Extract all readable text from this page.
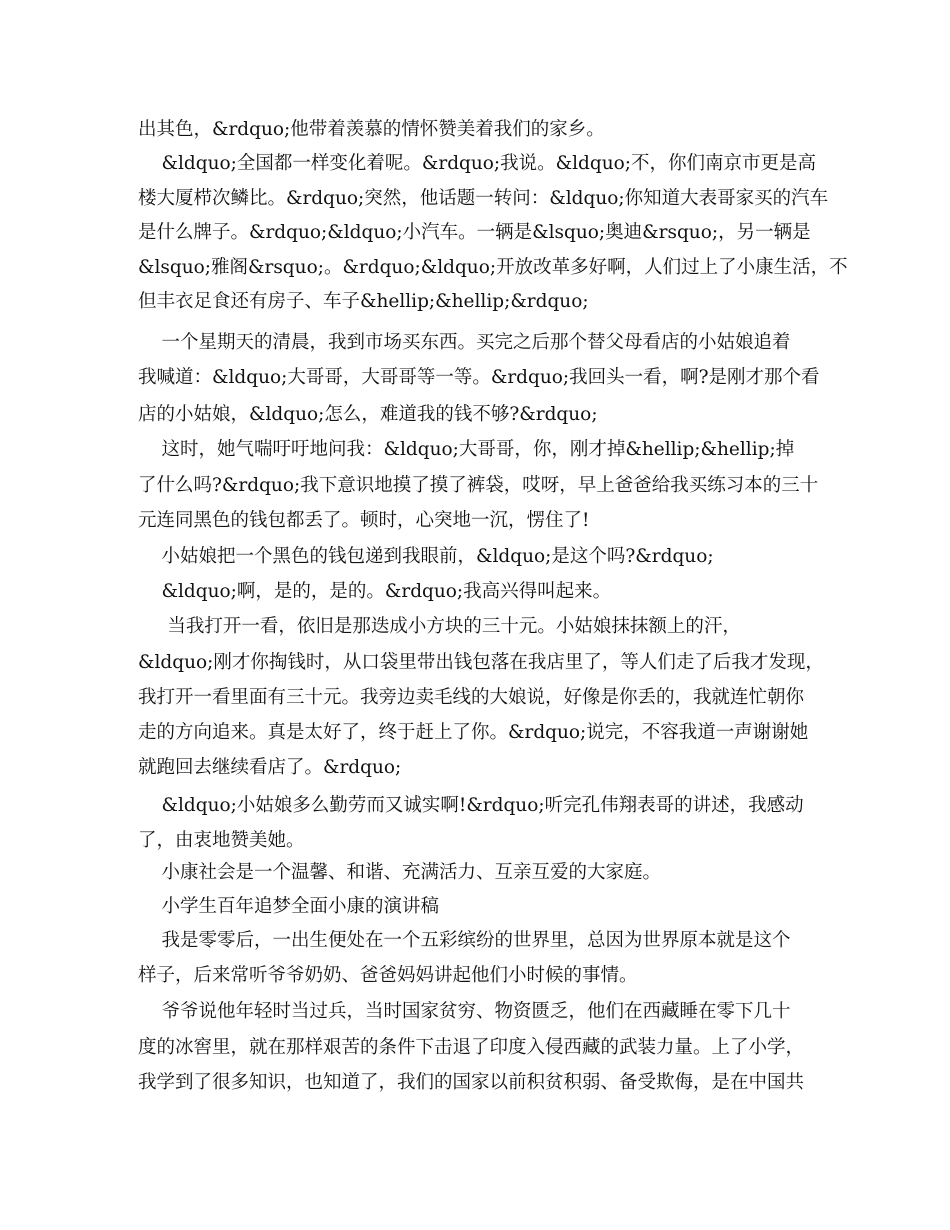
出其色，&rdquo;他带着羡慕的情怀赞美着我们的家乡。
&ldquo;全国都一样变化着呢。&rdquo;我说。&ldquo;不，你们南京市更是高
楼大厦栉次鳞比。&rdquo;突然，他话题一转问：&ldquo;你知道大表哥家买的汽车
是什么牌子。&rdquo;&ldquo;小汽车。一辆是&lsquo;奥迪&rsquo;，另一辆是
&lsquo;雅阁&rsquo;。&rdquo;&ldquo;开放改革多好啊，人们过上了小康生活，不
但丰衣足食还有房子、车子&hellip;&hellip;&rdquo;
一个星期天的清晨，我到市场买东西。买完之后那个替父母看店的小姑娘追着
我喊道：&ldquo;大哥哥，大哥哥等一等。&rdquo;我回头一看，啊?是刚才那个看
店的小姑娘，&ldquo;怎么，难道我的钱不够?&rdquo;
这时，她气喘吁吁地问我：&ldquo;大哥哥，你，刚才掉&hellip;&hellip;掉
了什么吗?&rdquo;我下意识地摸了摸了裤袋，哎呀，早上爸爸给我买练习本的三十
元连同黑色的钱包都丢了。顿时，心突地一沉，愣住了!
小姑娘把一个黑色的钱包递到我眼前，&ldquo;是这个吗?&rdquo;
&ldquo;啊，是的，是的。&rdquo;我高兴得叫起来。
当我打开一看，依旧是那迭成小方块的三十元。小姑娘抹抹额上的汗，
&ldquo;刚才你掏钱时，从口袋里带出钱包落在我店里了，等人们走了后我才发现，
我打开一看里面有三十元。我旁边卖毛线的大娘说，好像是你丢的，我就连忙朝你
走的方向追来。真是太好了，终于赶上了你。&rdquo;说完，不容我道一声谢谢她
就跑回去继续看店了。&rdquo;
&ldquo;小姑娘多么勤劳而又诚实啊!&rdquo;听完孔伟翔表哥的讲述，我感动
了，由衷地赞美她。
小康社会是一个温馨、和谐、充满活力、互亲互爱的大家庭。
小学生百年追梦全面小康的演讲稿
我是零零后，一出生便处在一个五彩缤纷的世界里，总因为世界原本就是这个
样子，后来常听爷爷奶奶、爸爸妈妈讲起他们小时候的事情。
爷爷说他年轻时当过兵，当时国家贫穷、物资匮乏，他们在西藏睡在零下几十
度的冰窖里，就在那样艰苦的条件下击退了印度入侵西藏的武装力量。上了小学，
我学到了很多知识，也知道了，我们的国家以前积贫积弱、备受欺侮，是在中国共
